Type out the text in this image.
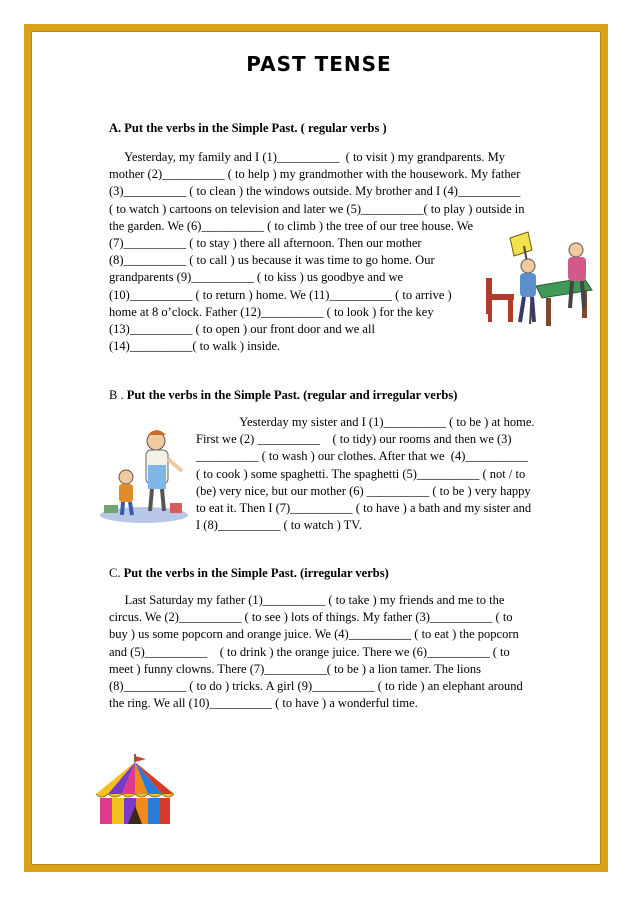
PAST TENSE
A. Put the verbs in the Simple Past. ( regular verbs )
Yesterday, my family and I (1)__________  ( to visit ) my grandparents. My
mother (2)__________ ( to help ) my grandmother with the housework. My father
(3)__________ ( to clean ) the windows outside. My brother and I (4)__________
( to watch ) cartoons on television and later we (5)__________( to play ) outside in
the garden. We (6)__________ ( to climb ) the tree of our tree house. We
(7)__________ ( to stay ) there all afternoon. Then our mother
(8)__________ ( to call ) us because it was time to go home. Our
grandparents (9)__________ ( to kiss ) us goodbye and we
(10)__________ ( to return ) home. We (11)__________ ( to arrive )
home at 8 o’clock. Father (12)__________ ( to look ) for the key
(13)__________ ( to open ) our front door and we all
(14)__________( to walk ) inside.
B . Put the verbs in the Simple Past. (regular and irregular verbs)
Yesterday my sister and I (1)__________ ( to be ) at home.
First we (2) __________    ( to tidy) our rooms and then we (3)
__________ ( to wash ) our clothes. After that we  (4)__________
( to cook ) some spaghetti. The spaghetti (5)__________ ( not / to
(be) very nice, but our mother (6) __________ ( to be ) very happy
to eat it. Then I (7)__________ ( to have ) a bath and my sister and
I (8)__________ ( to watch ) TV.
C. Put the verbs in the Simple Past. (irregular verbs)
Last Saturday my father (1)__________ ( to take ) my friends and me to the
circus. We (2)__________ ( to see ) lots of things. My father (3)__________ ( to
buy ) us some popcorn and orange juice. We (4)__________ ( to eat ) the popcorn
and (5)__________    ( to drink ) the orange juice. There we (6)__________ ( to
meet ) funny clowns. There (7)__________( to be ) a lion tamer. The lions
(8)__________ ( to do ) tricks. A girl (9)__________ ( to ride ) an elephant around
the ring. We all (10)__________ ( to have ) a wonderful time.
